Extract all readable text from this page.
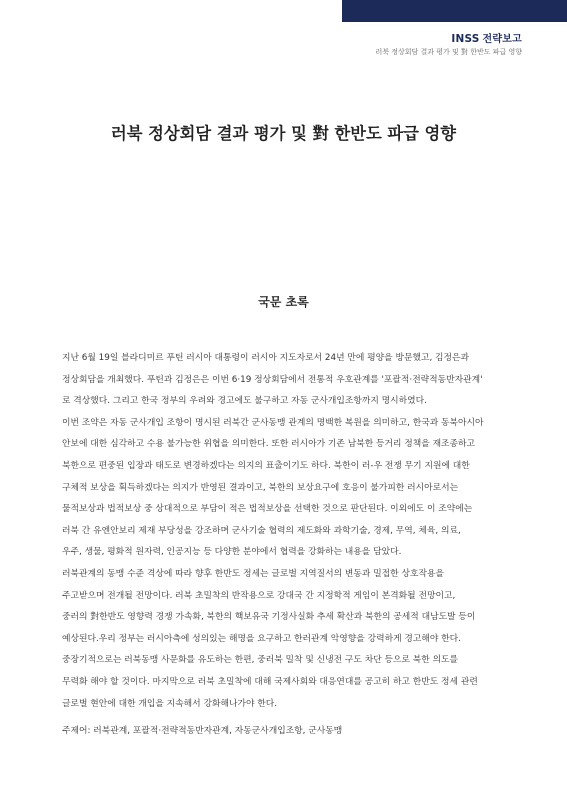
INSS 전략보고
러북 정상회담 결과 평가 및 對 한반도 파급 영향
러북 정상회담 결과 평가 및 對 한반도 파급 영향
국문 초록
지난 6월 19일 블라디미르 푸틴 러시아 대통령이 러시아 지도자로서 24년 만에 평양을 방문했고, 김정은과
정상회담을 개최했다. 푸틴과 김정은은 이번 6·19 정상회담에서 전통적 우호관계를 '포괄적·전략적동반자관계'
로 격상했다. 그리고 한국 정부의 우려와 경고에도 불구하고 자동 군사개입조항까지 명시하였다.
이번 조약은 자동 군사개입 조항이 명시된 러북간 군사동맹 관계의 명백한 복원을 의미하고, 한국과 동북아시아
안보에 대한 심각하고 수용 불가능한 위협을 의미한다. 또한 러시아가 기존 남북한 등거리 정책을 재조종하고
북한으로 편중된 입장과 태도로 변경하겠다는 의지의 표출이기도 하다. 북한이 러-우 전쟁 무기 지원에 대한
구체적 보상을 획득하겠다는 의지가 반영된 결과이고, 북한의 보상요구에 호응이 불가피한 러시아로서는
물적보상과 법적보상 중 상대적으로 부담이 적은 법적보상을 선택한 것으로 판단된다. 이외에도 이 조약에는
러북 간 유엔안보리 제재 부당성을 강조하며 군사기술 협력의 제도화와 과학기술, 경제, 무역, 체육, 의료,
우주, 생물, 평화적 원자력, 인공지능 등 다양한 분야에서 협력을 강화하는 내용을 담았다.
러북관계의 동맹 수준 격상에 따라 향후 한반도 정세는 글로벌 지역질서의 변동과 밀접한 상호작용을
주고받으며 전개될 전망이다. 러북 초밀착의 반작용으로 강대국 간 지정학적 게임이 본격화될 전망이고,
중러의 對한반도 영향력 경쟁 가속화, 북한의 핵보유국 기정사실화 추세 확산과 북한의 공세적 대남도발 등이
예상된다.우리 정부는 러시아측에 성의있는 해명을 요구하고 한러관계 악영향을 강력하게 경고해야 한다.
중장기적으로는 러북동맹 사문화를 유도하는 한편, 중러북 밀착 및 신냉전 구도 차단 등으로 북한 의도를
무력화 해야 할 것이다. 마지막으로 러북 초밀착에 대해 국제사회와 대응연대를 공고히 하고 한반도 정세 관련
글로벌 현안에 대한 개입을 지속해서 강화해나가야 한다.
주제어: 러북관계, 포괄적·전략적동반자관계, 자동군사개입조항, 군사동맹
